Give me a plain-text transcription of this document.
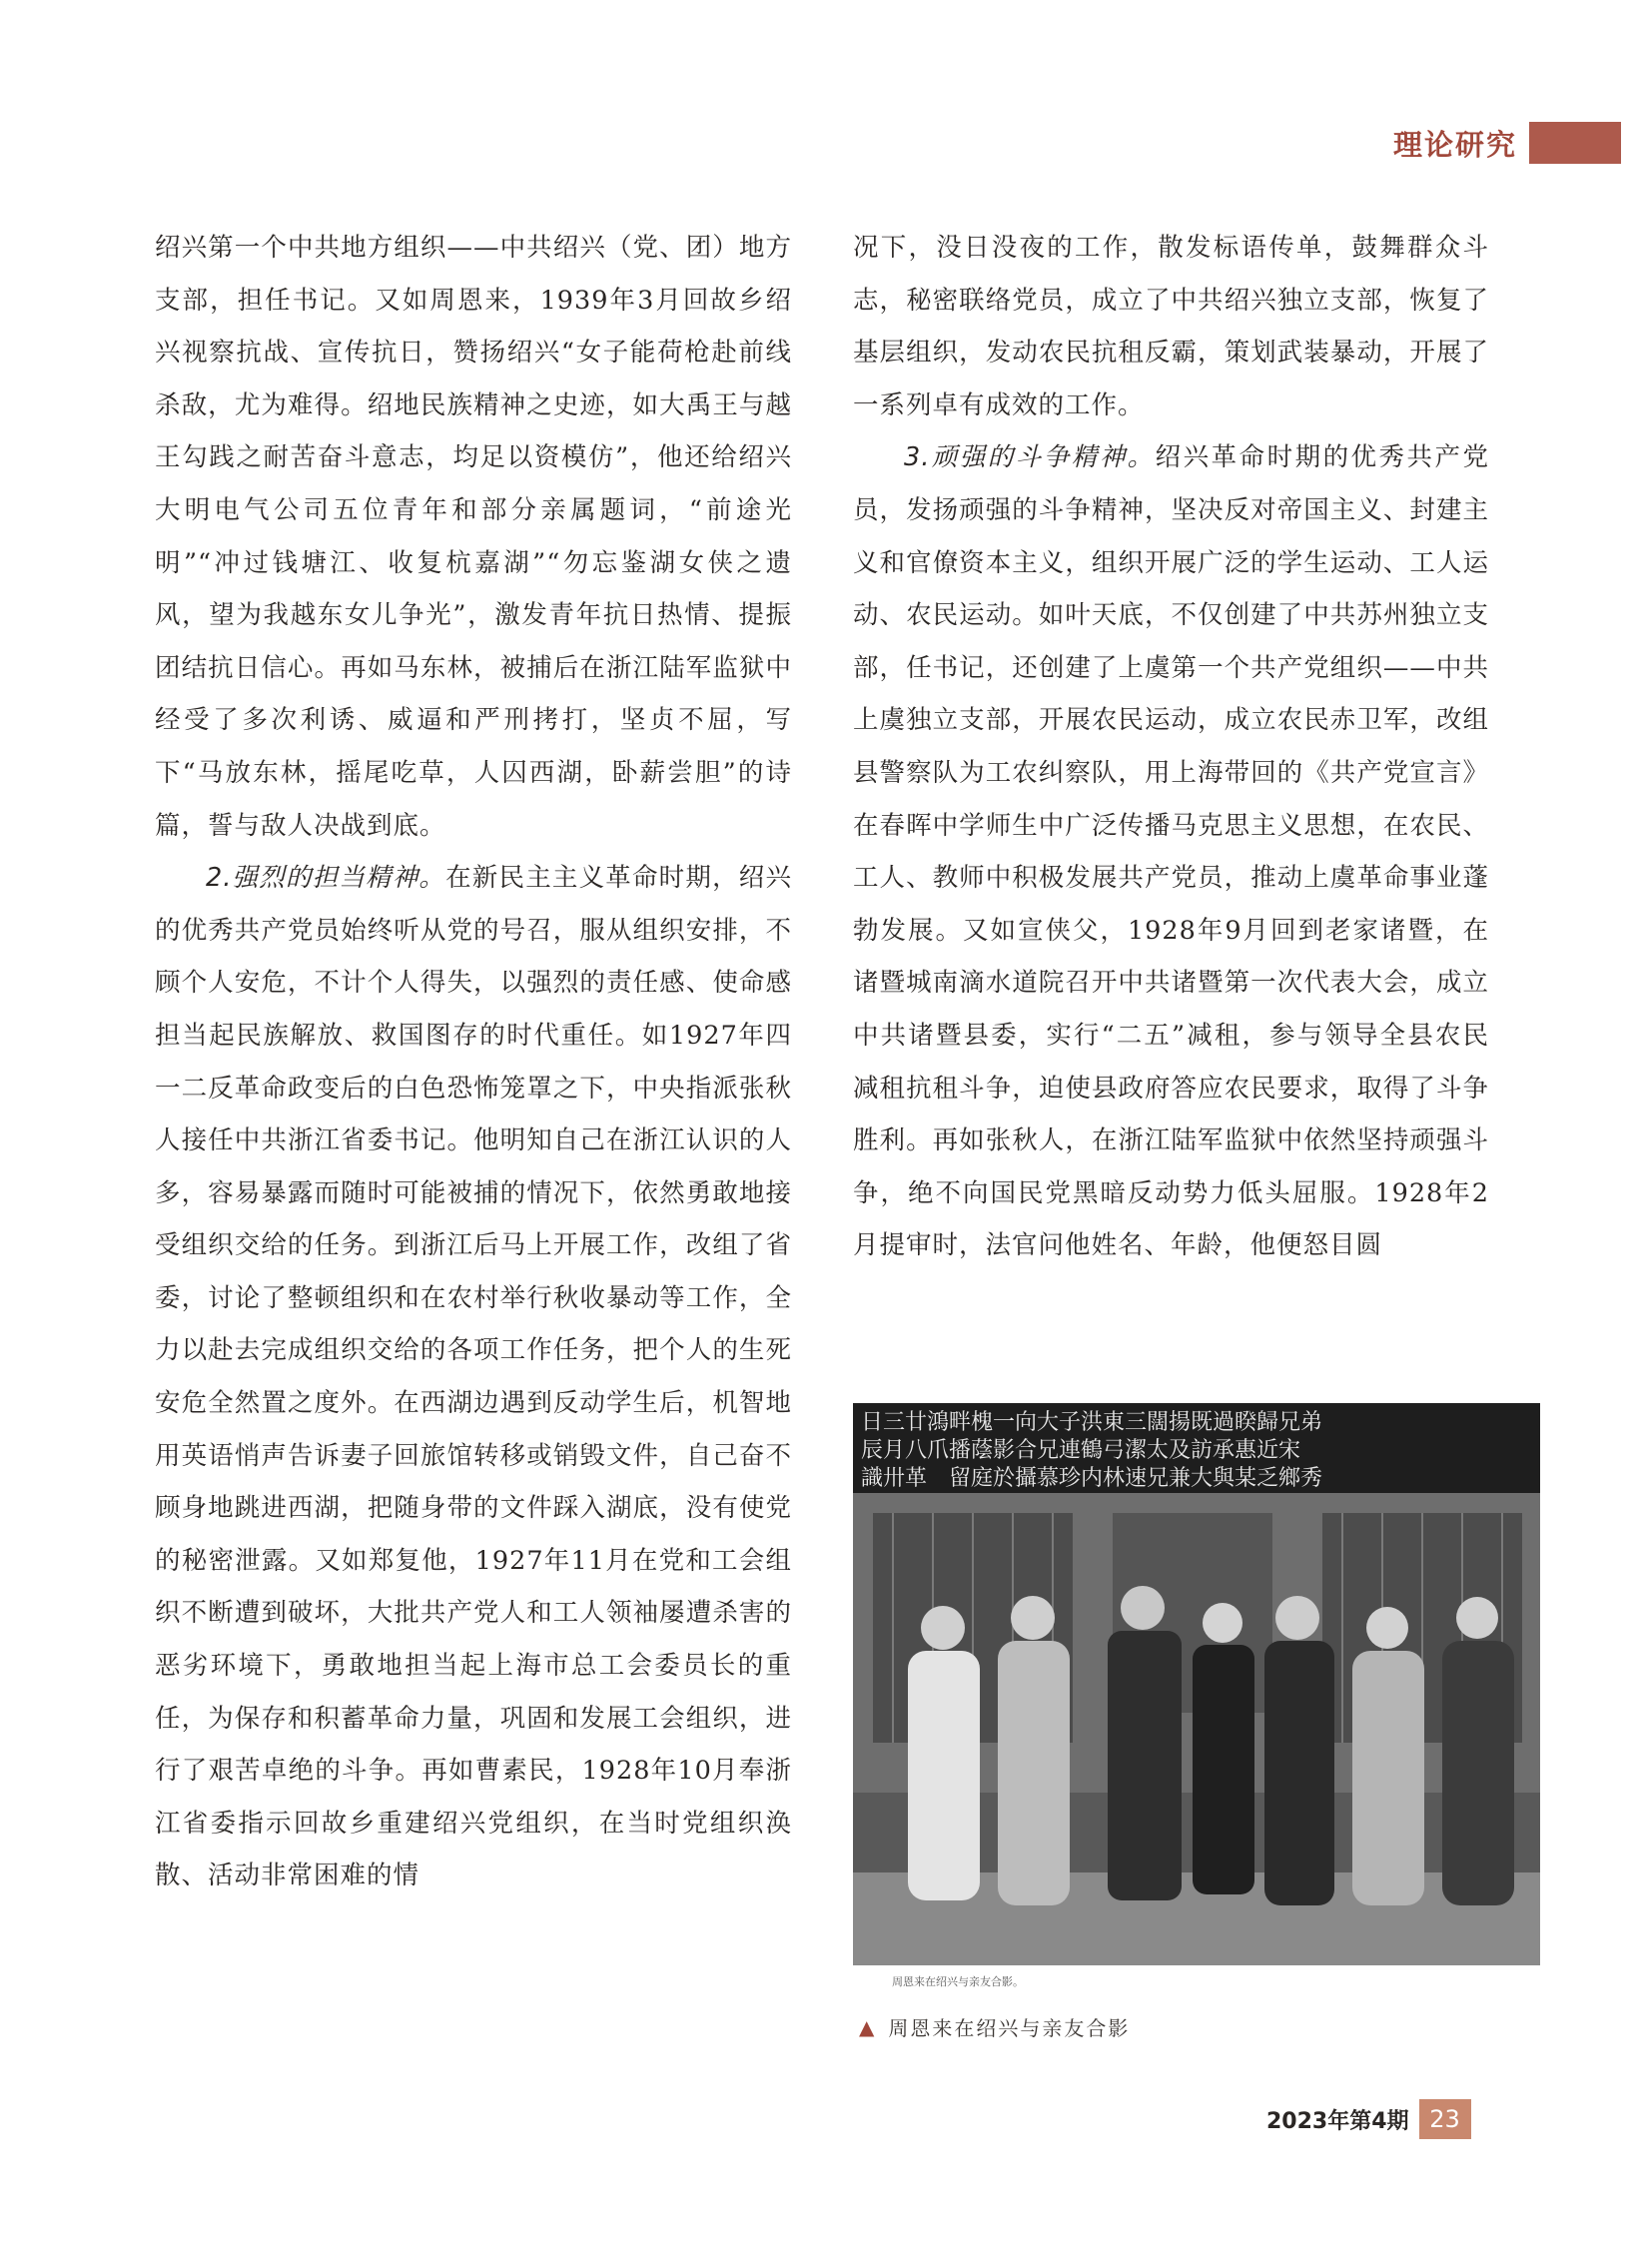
理论研究

绍兴第一个中共地方组织——中共绍兴（党、团）地方支部，担任书记。又如周恩来，1939年3月回故乡绍兴视察抗战、宣传抗日，赞扬绍兴“女子能荷枪赴前线杀敌，尤为难得。绍地民族精神之史迹，如大禹王与越王勾践之耐苦奋斗意志，均足以资模仿”，他还给绍兴大明电气公司五位青年和部分亲属题词，“前途光明”“冲过钱塘江、收复杭嘉湖”“勿忘鉴湖女侠之遗风，望为我越东女儿争光”，激发青年抗日热情、提振团结抗日信心。再如马东林，被捕后在浙江陆军监狱中经受了多次利诱、威逼和严刑拷打，坚贞不屈，写下“马放东林，摇尾吃草，人囚西湖，卧薪尝胆”的诗篇，誓与敌人决战到底。

2.强烈的担当精神。在新民主主义革命时期，绍兴的优秀共产党员始终听从党的号召，服从组织安排，不顾个人安危，不计个人得失，以强烈的责任感、使命感担当起民族解放、救国图存的时代重任。如1927年四一二反革命政变后的白色恐怖笼罩之下，中央指派张秋人接任中共浙江省委书记。他明知自己在浙江认识的人多，容易暴露而随时可能被捕的情况下，依然勇敢地接受组织交给的任务。到浙江后马上开展工作，改组了省委，讨论了整顿组织和在农村举行秋收暴动等工作，全力以赴去完成组织交给的各项工作任务，把个人的生死安危全然置之度外。在西湖边遇到反动学生后，机智地用英语悄声告诉妻子回旅馆转移或销毁文件，自己奋不顾身地跳进西湖，把随身带的文件踩入湖底，没有使党的秘密泄露。又如郑复他，1927年11月在党和工会组织不断遭到破坏，大批共产党人和工人领袖屡遭杀害的恶劣环境下，勇敢地担当起上海市总工会委员长的重任，为保存和积蓄革命力量，巩固和发展工会组织，进行了艰苦卓绝的斗争。再如曹素民，1928年10月奉浙江省委指示回故乡重建绍兴党组织，在当时党组织涣散、活动非常困难的情

况下，没日没夜的工作，散发标语传单，鼓舞群众斗志，秘密联络党员，成立了中共绍兴独立支部，恢复了基层组织，发动农民抗租反霸，策划武装暴动，开展了一系列卓有成效的工作。

3.顽强的斗争精神。绍兴革命时期的优秀共产党员，发扬顽强的斗争精神，坚决反对帝国主义、封建主义和官僚资本主义，组织开展广泛的学生运动、工人运动、农民运动。如叶天底，不仅创建了中共苏州独立支部，任书记，还创建了上虞第一个共产党组织——中共上虞独立支部，开展农民运动，成立农民赤卫军，改组县警察队为工农纠察队，用上海带回的《共产党宣言》在春晖中学师生中广泛传播马克思主义思想，在农民、工人、教师中积极发展共产党员，推动上虞革命事业蓬勃发展。又如宣侠父，1928年9月回到老家诸暨，在诸暨城南滴水道院召开中共诸暨第一次代表大会，成立中共诸暨县委，实行“二五”减租，参与领导全县农民减租抗租斗争，迫使县政府答应农民要求，取得了斗争胜利。再如张秋人，在浙江陆军监狱中依然坚持顽强斗争，绝不向国民党黑暗反动势力低头屈服。1928年2月提审时，法官问他姓名、年龄，他便怒目圆

日三廿鴻畔槐一向大子洪東三闊揚既過睽歸兄弟
辰月八爪播蔭影合兄連鶴弓潔太及訪承惠近宋
識卅革　留庭於攝慕珍内林速兄兼大與某乏鄉秀
周恩来在绍兴与亲友合影。
▲ 周恩来在绍兴与亲友合影
2023年第4期 23
